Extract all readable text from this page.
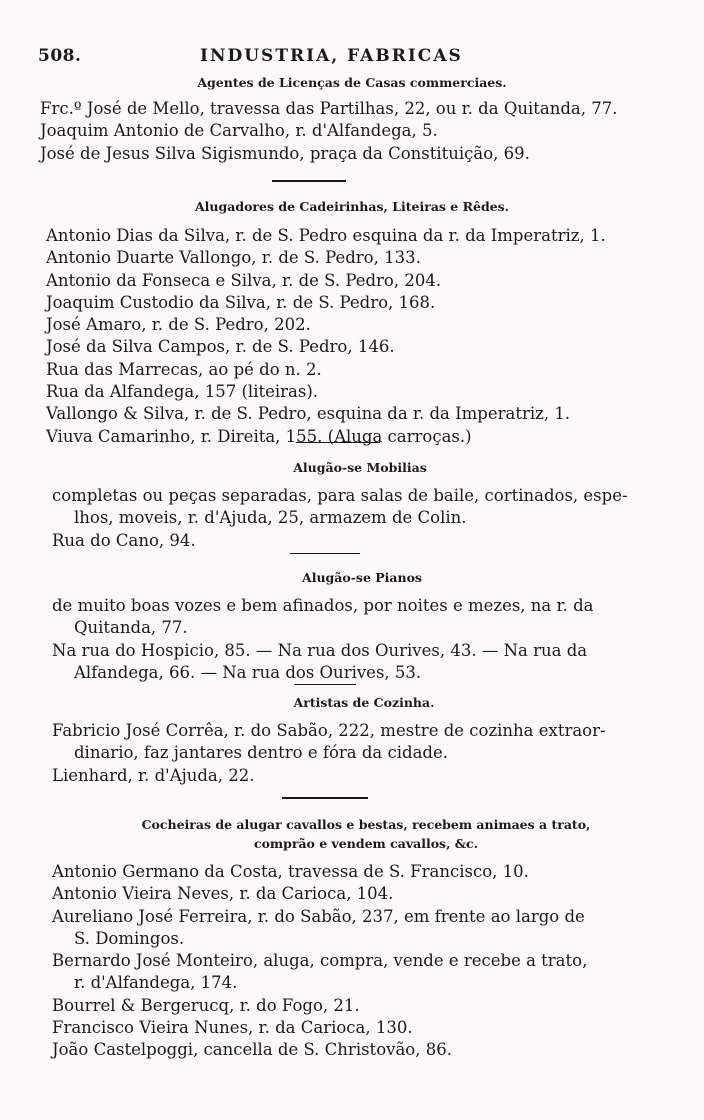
508.	INDUSTRIA, FABRICAS
Agentes de Licenças de Casas commerciaes.
Frc.º José de Mello, travessa das Partilhas, 22, ou r. da Quitanda, 77.
Joaquim Antonio de Carvalho, r. d'Alfandega, 5.
José de Jesus Silva Sigismundo, praça da Constituição, 69.
Alugadores de Cadeirinhas, Liteiras e Rêdes.
Antonio Dias da Silva, r. de S. Pedro esquina da r. da Imperatriz, 1.
Antonio Duarte Vallongo, r. de S. Pedro, 133.
Antonio da Fonseca e Silva, r. de S. Pedro, 204.
Joaquim Custodio da Silva, r. de S. Pedro, 168.
José Amaro, r. de S. Pedro, 202.
José da Silva Campos, r. de S. Pedro, 146.
Rua das Marrecas, ao pé do n. 2.
Rua da Alfandega, 157 (liteiras).
Vallongo & Silva, r. de S. Pedro, esquina da r. da Imperatriz, 1.
Viuva Camarinho, r. Direita, 155. (Aluga carroças.)
Alugão-se Mobilias
completas ou peças separadas, para salas de baile, cortinados, espe-
lhos, moveis, r. d'Ajuda, 25, armazem de Colin.
Rua do Cano, 94.
Alugão-se Pianos
de muito boas vozes e bem afinados, por noites e mezes, na r. da
Quitanda, 77.
Na rua do Hospicio, 85. — Na rua dos Ourives, 43. — Na rua da
Alfandega, 66. — Na rua dos Ourives, 53.
Artistas de Cozinha.
Fabricio José Corrêa, r. do Sabão, 222, mestre de cozinha extraor-
dinario, faz jantares dentro e fóra da cidade.
Lienhard, r. d'Ajuda, 22.
Cocheiras de alugar cavallos e bestas, recebem animaes a trato,
comprão e vendem cavallos, &c.
Antonio Germano da Costa, travessa de S. Francisco, 10.
Antonio Vieira Neves, r. da Carioca, 104.
Aureliano José Ferreira, r. do Sabão, 237, em frente ao largo de
S. Domingos.
Bernardo José Monteiro, aluga, compra, vende e recebe a trato,
r. d'Alfandega, 174.
Bourrel & Bergerucq, r. do Fogo, 21.
Francisco Vieira Nunes, r. da Carioca, 130.
João Castelpoggi, cancella de S. Christovão, 86.
